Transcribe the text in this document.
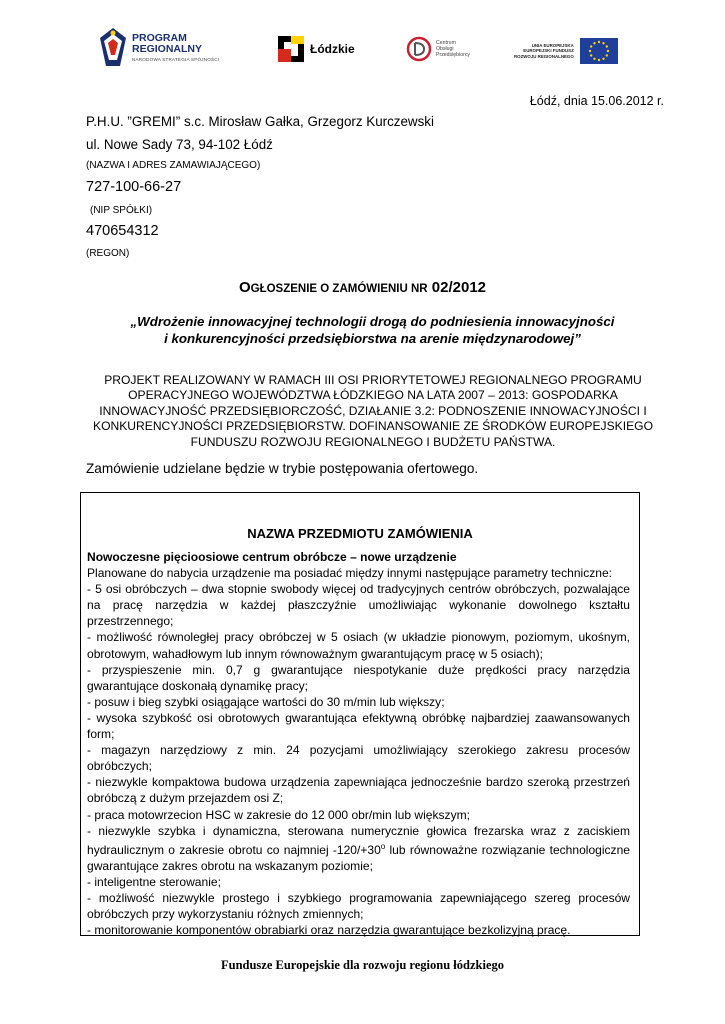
PROGRAM
REGIONALNY
NARODOWA STRATEGIA SPÓJNOŚCI
Łódzkie	Centrum
Obsługi
Przedsiębiorcy
UNIA EUROPEJSKA
EUROPEJSKI FUNDUSZ
ROZWOJU REGIONALNEGO
Łódź, dnia 15.06.2012 r.
P.H.U. ”GREMI” s.c. Mirosław Gałka, Grzegorz Kurczewski
ul. Nowe Sady 73, 94-102 Łódź
(NAZWA I ADRES ZAMAWIAJĄCEGO)
727-100-66-27
(NIP SPÓŁKI)
470654312
(REGON)
OGŁOSZENIE O ZAMÓWIENIU NR 02/2012
„Wdrożenie innowacyjnej technologii drogą do podniesienia innowacyjności
i konkurencyjności przedsiębiorstwa na arenie międzynarodowej”
PROJEKT REALIZOWANY W RAMACH III OSI PRIORYTETOWEJ REGIONALNEGO PROGRAMU
OPERACYJNEGO WOJEWÓDZTWA ŁÓDZKIEGO NA LATA 2007 – 2013: GOSPODARKA
INNOWACYJNOŚĆ PRZEDSIĘBIORCZOŚĆ, DZIAŁANIE 3.2: PODNOSZENIE INNOWACYJNOŚCI I
KONKURENCYJNOŚCI PRZEDSIĘBIORSTW. DOFINANSOWANIE ZE ŚRODKÓW EUROPEJSKIEGO
FUNDUSZU ROZWOJU REGIONALNEGO I BUDŻETU PAŃSTWA.
Zamówienie udzielane będzie w trybie postępowania ofertowego.
NAZWA PRZEDMIOTU ZAMÓWIENIA

Nowoczesne pięcioosiowe centrum obróbcze – nowe urządzenie

Planowane do nabycia urządzenie ma posiadać między innymi następujące parametry techniczne:

- 5 osi obróbczych – dwa stopnie swobody więcej od tradycyjnych centrów obróbczych, pozwalające na pracę narzędzia w każdej płaszczyźnie umożliwiając wykonanie dowolnego kształtu przestrzennego;

- możliwość równoległej pracy obróbczej w 5 osiach (w układzie pionowym, poziomym, ukośnym, obrotowym, wahadłowym lub innym równoważnym gwarantującym pracę w 5 osiach);

- przyspieszenie min. 0,7 g gwarantujące niespotykanie duże prędkości pracy narzędzia gwarantujące doskonałą dynamikę pracy;

- posuw i bieg szybki osiągające wartości do 30 m/min lub większy;

- wysoka szybkość osi obrotowych gwarantująca efektywną obróbkę najbardziej zaawansowanych form;

- magazyn narzędziowy z min. 24 pozycjami umożliwiający szerokiego zakresu procesów obróbczych;

- niezwykle kompaktowa budowa urządzenia zapewniająca jednocześnie bardzo szeroką przestrzeń obróbczą z dużym przejazdem osi Z;

- praca motowrzecion HSC w zakresie do 12 000 obr/min lub większym;

- niezwykle szybka i dynamiczna, sterowana numerycznie głowica frezarska wraz z zaciskiem hydraulicznym o zakresie obrotu co najmniej $-120/+30^o$ lub równoważne rozwiązanie technologiczne gwarantujące zakres obrotu na wskazanym poziomie;

- inteligentne sterowanie;

- możliwość niezwykle prostego i szybkiego programowania zapewniającego szereg procesów obróbczych przy wykorzystaniu różnych zmiennych;

- monitorowanie komponentów obrabiarki oraz narzędzia gwarantujące bezkolizyjną pracę.

Fundusze Europejskie dla rozwoju regionu łódzkiego
